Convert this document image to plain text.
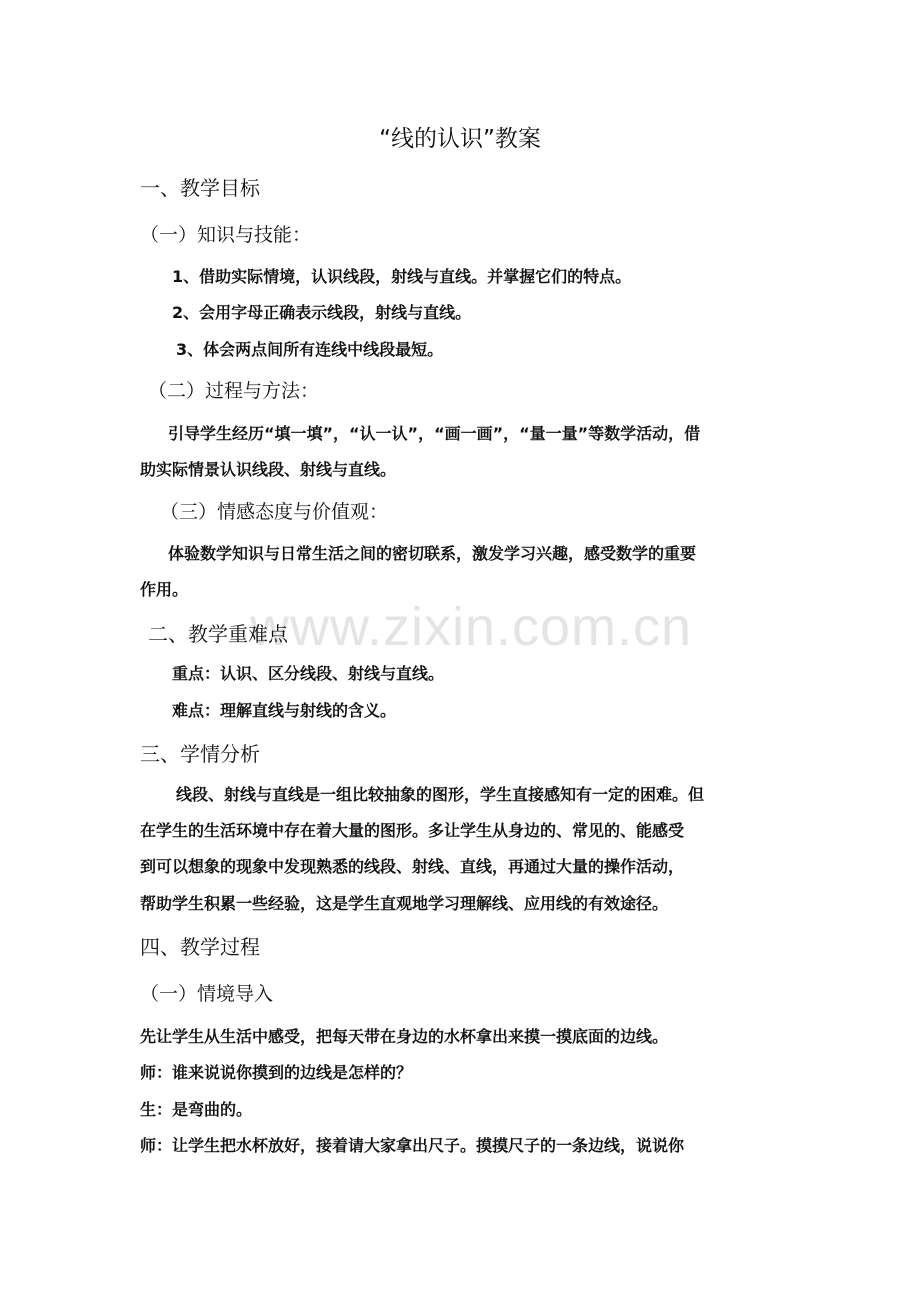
www.zixin.com.cn
“线的认识”教案
一、教学目标
（一）知识与技能：
1、借助实际情境，认识线段，射线与直线。并掌握它们的特点。
2、会用字母正确表示线段，射线与直线。
3、体会两点间所有连线中线段最短。
（二）过程与方法：
引导学生经历“填一填”，“认一认”，“画一画”，“量一量”等数学活动，借
助实际情景认识线段、射线与直线。
（三）情感态度与价值观：
体验数学知识与日常生活之间的密切联系，激发学习兴趣，感受数学的重要
作用。
二、教学重难点
重点：认识、区分线段、射线与直线。
难点：理解直线与射线的含义。
三、学情分析
线段、射线与直线是一组比较抽象的图形，学生直接感知有一定的困难。但
在学生的生活环境中存在着大量的图形。多让学生从身边的、常见的、能感受
到可以想象的现象中发现熟悉的线段、射线、直线，再通过大量的操作活动，
帮助学生积累一些经验，这是学生直观地学习理解线、应用线的有效途径。
四、教学过程
（一）情境导入
先让学生从生活中感受，把每天带在身边的水杯拿出来摸一摸底面的边线。
师：谁来说说你摸到的边线是怎样的？
生：是弯曲的。
师：让学生把水杯放好，接着请大家拿出尺子。摸摸尺子的一条边线，说说你
